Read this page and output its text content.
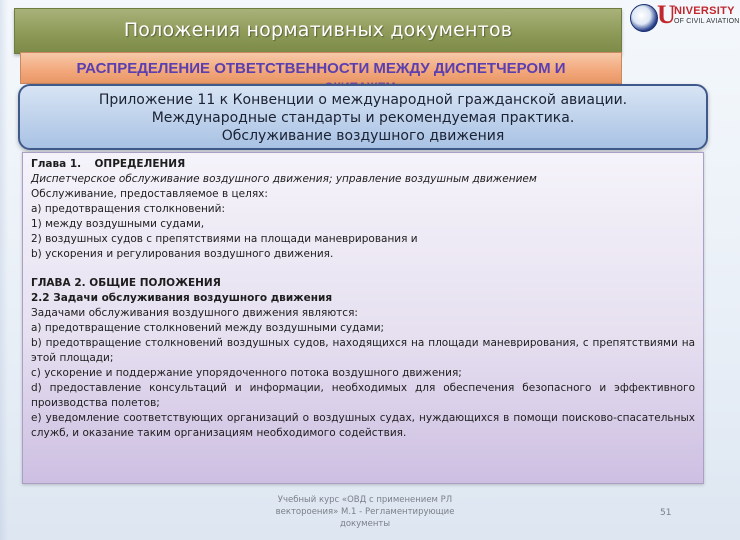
Положения нормативных документов
U
NIVERSITY
OF CIVIL AVIATION
РАСПРЕДЕЛЕНИЕ ОТВЕТСТВЕННОСТИ МЕЖДУ ДИСПЕТЧЕРОМ И
Приложение 11 к Конвенции о международной гражданской авиации.
Международные стандарты и рекомендуемая практика.
Обслуживание воздушного движения
Глава 1. ОПРЕДЕЛЕНИЯ
Диспетчерское обслуживание воздушного движения; управление воздушным движением
Обслуживание, предоставляемое в целях:
a) предотвращения столкновений:
1) между воздушными судами,
2) воздушных судов с препятствиями на площади маневрирования и
b) ускорения и регулирования воздушного движения.
ГЛАВА 2. ОБЩИЕ ПОЛОЖЕНИЯ
2.2 Задачи обслуживания воздушного движения
Задачами обслуживания воздушного движения являются:
a) предотвращение столкновений между воздушными судами;
b) предотвращение столкновений воздушных судов, находящихся на площади маневрирования, с препятствиями на этой площади;
c) ускорение и поддержание упорядоченного потока воздушного движения;
d) предоставление консультаций и информации, необходимых для обеспечения безопасного и эффективного производства полетов;
e) уведомление соответствующих организаций о воздушных судах, нуждающихся в помощи поисково-спасательных служб, и оказание таким организациям необходимого содействия.
Учебный курс «ОВД с применением РЛ
вектороения» М.1 - Регламентирующие
документы
51
